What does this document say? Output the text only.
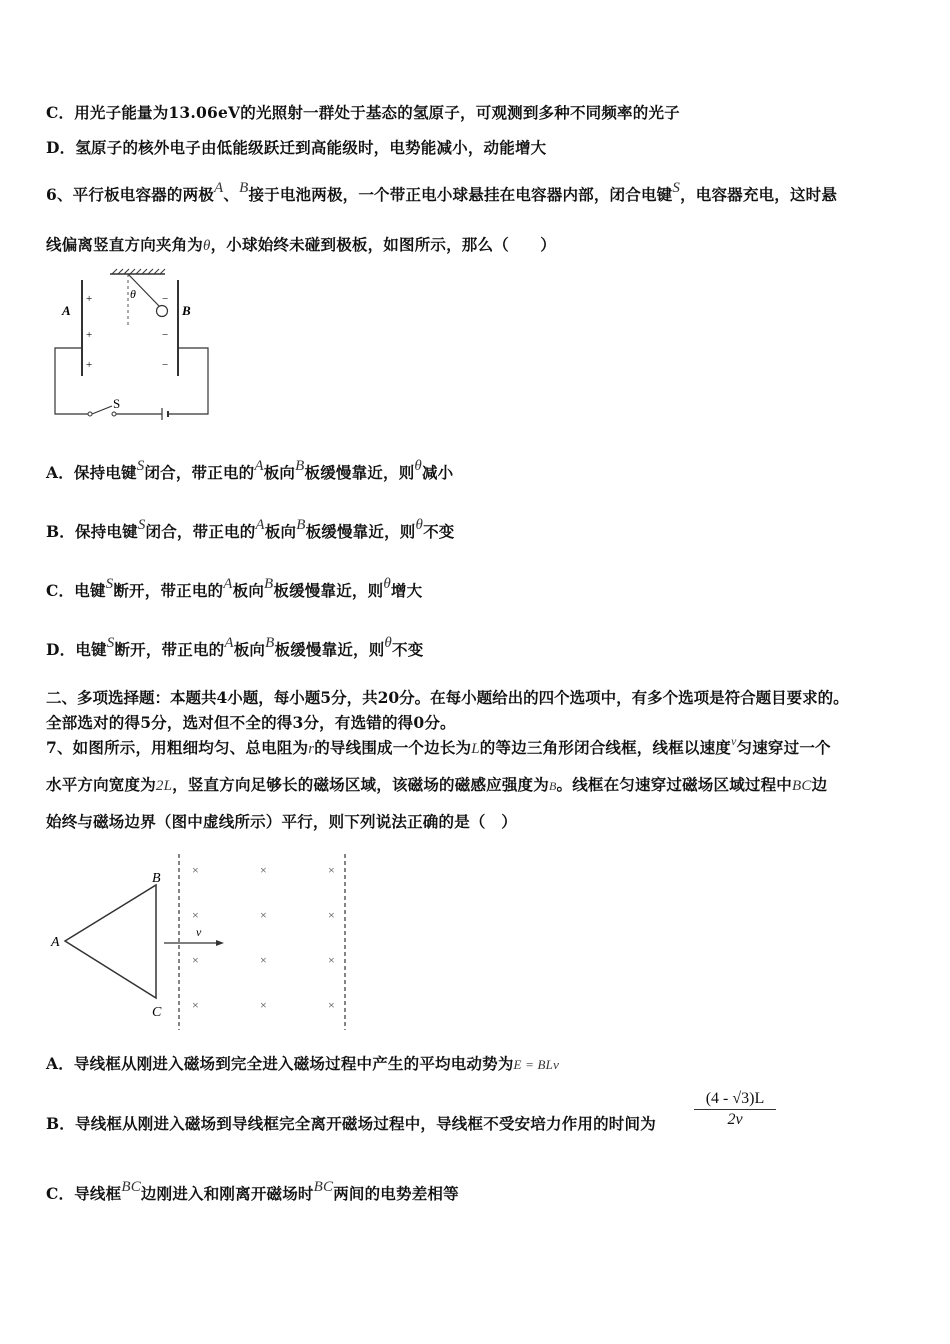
C．用光子能量为13.06eV的光照射一群处于基态的氢原子，可观测到多种不同频率的光子
D．氢原子的核外电子由低能级跃迁到高能级时，电势能减小，动能增大
6、平行板电容器的两极A、B接于电池两极，一个带正电小球悬挂在电容器内部，闭合电键S，电容器充电，这时悬
线偏离竖直方向夹角为θ，小球始终未碰到极板，如图所示，那么（　　）
θ
A	B
+
+
+
−
−
−
S
A．保持电键S闭合，带正电的A板向B板缓慢靠近，则θ减小
B．保持电键S闭合，带正电的A板向B板缓慢靠近，则θ不变
C．电键S断开，带正电的A板向B板缓慢靠近，则θ增大
D．电键S断开，带正电的A板向B板缓慢靠近，则θ不变
二、多项选择题：本题共4小题，每小题5分，共20分。在每小题给出的四个选项中，有多个选项是符合题目要求的。
全部选对的得5分，选对但不全的得3分，有选错的得0分。
7、如图所示，用粗细均匀、总电阻为r的导线围成一个边长为L的等边三角形闭合线框，线框以速度$^v$匀速穿过一个
水平方向宽度为2L，竖直方向足够长的磁场区域，该磁场的磁感应强度为B。线框在匀速穿过磁场区域过程中BC边
始终与磁场边界（图中虚线所示）平行，则下列说法正确的是（　）
A
B
C
v
×	×	×
×	×	×
×	×	×
×	×	×
A．导线框从刚进入磁场到完全进入磁场过程中产生的平均电动势为E = BLv
B．导线框从刚进入磁场到导线框完全离开磁场过程中，导线框不受安培力作用的时间为 $\frac{(4 - √3)L}{2v}$
C．导线框BC边刚进入和刚离开磁场时BC两间的电势差相等
